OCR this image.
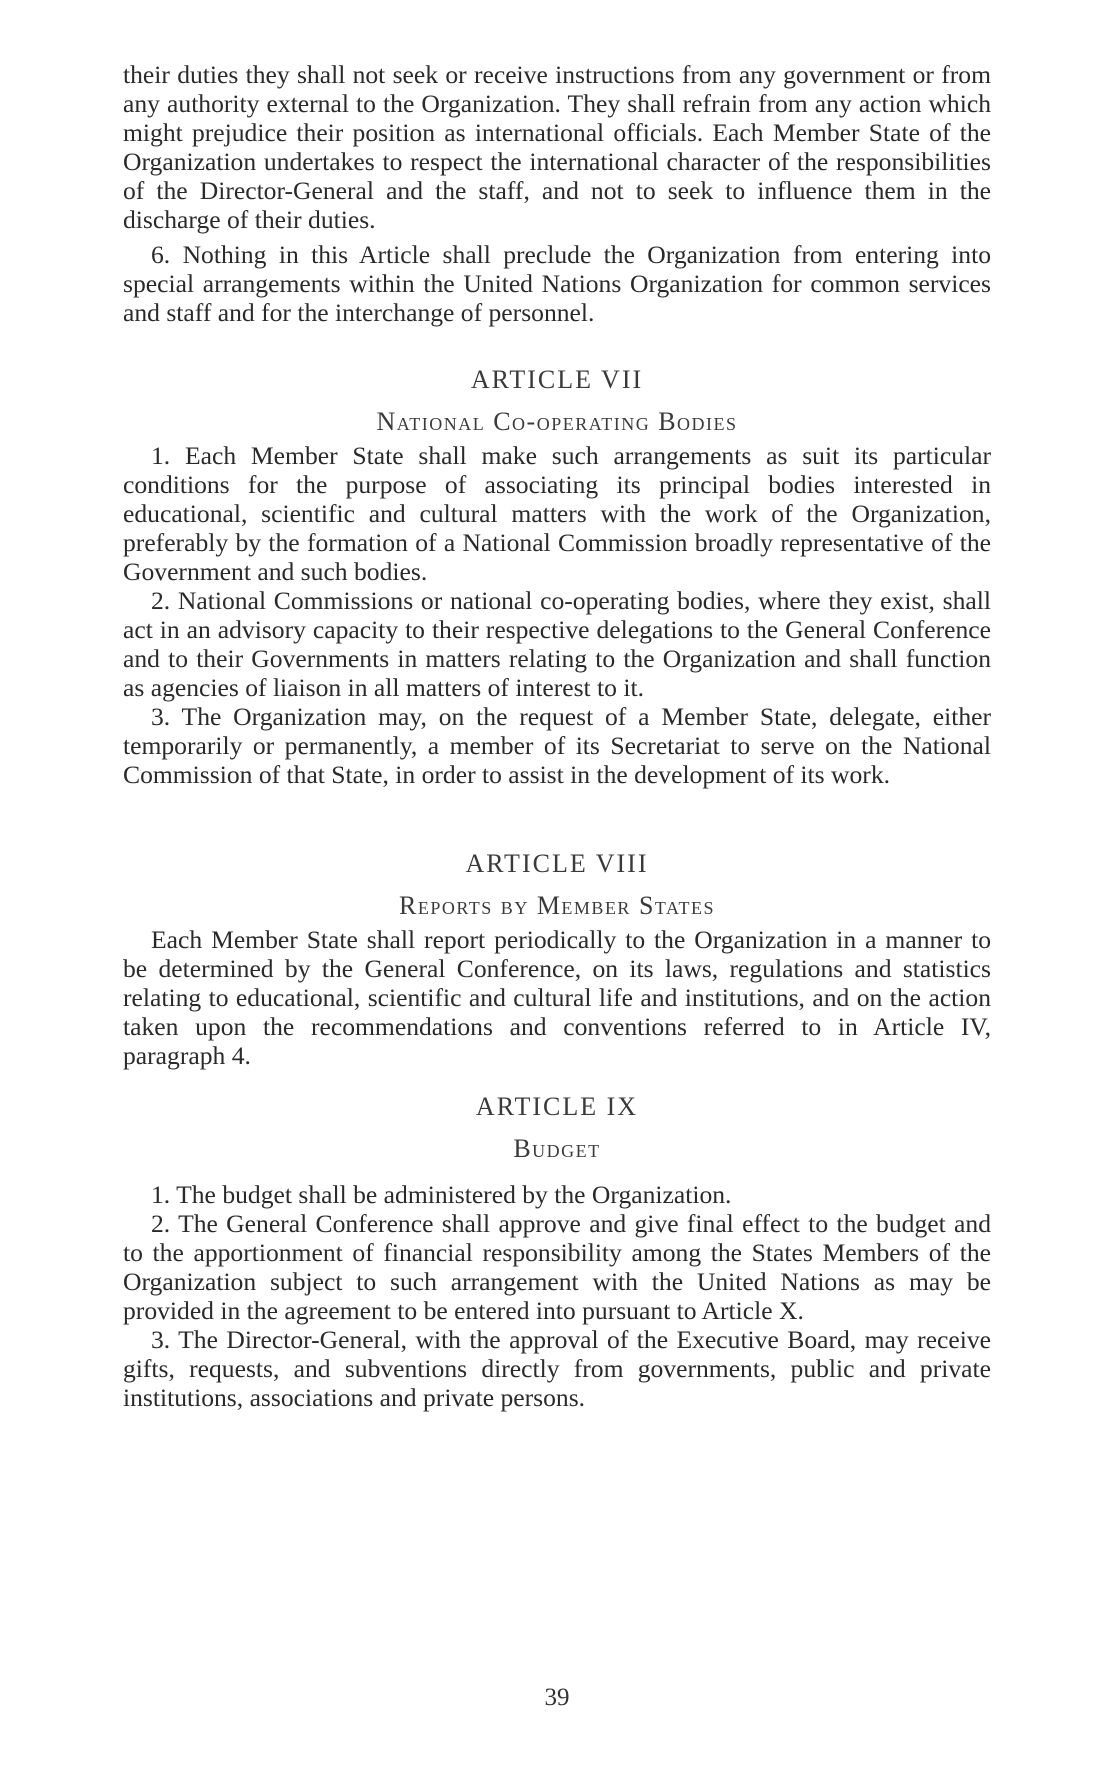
their duties they shall not seek or receive instructions from any government or from any authority external to the Organization. They shall refrain from any action which might prejudice their position as international officials. Each Member State of the Organization undertakes to respect the international character of the responsibilities of the Director-General and the staff, and not to seek to influence them in the discharge of their duties.

6. Nothing in this Article shall preclude the Organization from entering into special arrangements within the United Nations Organization for common services and staff and for the interchange of personnel.

ARTICLE VII
National Co-operating Bodies

1. Each Member State shall make such arrangements as suit its particular conditions for the purpose of associating its principal bodies interested in educational, scientific and cultural matters with the work of the Organization, preferably by the formation of a National Commission broadly representative of the Government and such bodies.

2. National Commissions or national co-operating bodies, where they exist, shall act in an advisory capacity to their respective delegations to the General Conference and to their Governments in matters relating to the Organization and shall function as agencies of liaison in all matters of interest to it.

3. The Organization may, on the request of a Member State, delegate, either temporarily or permanently, a member of its Secretariat to serve on the National Commission of that State, in order to assist in the development of its work.

ARTICLE VIII
Reports by Member States

Each Member State shall report periodically to the Organization in a manner to be determined by the General Conference, on its laws, regulations and statistics relating to educational, scientific and cultural life and institutions, and on the action taken upon the recommendations and conventions referred to in Article IV, paragraph 4.

ARTICLE IX
Budget

1. The budget shall be administered by the Organization.

2. The General Conference shall approve and give final effect to the budget and to the apportionment of financial responsibility among the States Members of the Organization subject to such arrangement with the United Nations as may be provided in the agreement to be entered into pursuant to Article X.

3. The Director-General, with the approval of the Executive Board, may receive gifts, requests, and subventions directly from governments, public and private institutions, associations and private persons.

39
